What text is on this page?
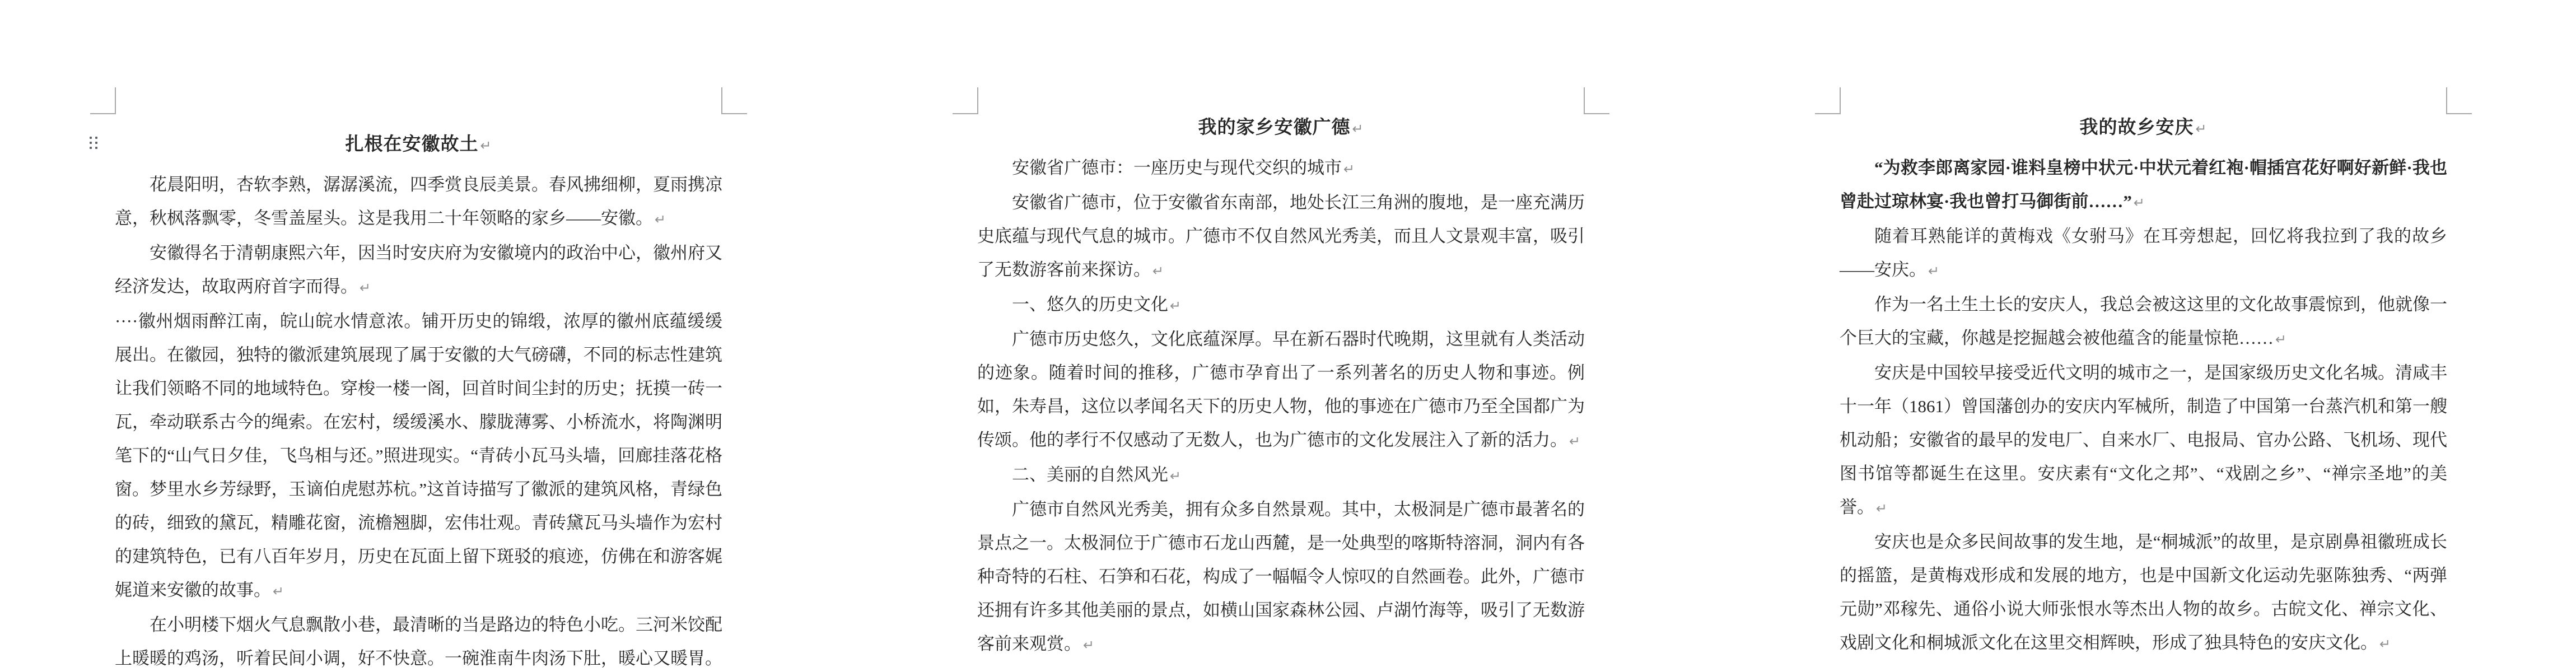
扎根在安徽故土 ↵

花晨阳明，杏软李熟，潺潺溪流，四季赏良辰美景。春风拂细柳，夏雨携凉意，秋枫落飘零，冬雪盖屋头。这是我用二十年领略的家乡——安徽。 ↵

安徽得名于清朝康熙六年，因当时安庆府为安徽境内的政治中心，徽州府又经济发达，故取两府首字而得。 ↵

····徽州烟雨醉江南，皖山皖水情意浓。铺开历史的锦缎，浓厚的徽州底蕴缓缓展出。在徽园，独特的徽派建筑展现了属于安徽的大气磅礴，不同的标志性建筑让我们领略不同的地域特色。穿梭一楼一阁，回首时间尘封的历史；抚摸一砖一瓦，牵动联系古今的绳索。在宏村，缓缓溪水、朦胧薄雾、小桥流水，将陶渊明笔下的“山气日夕佳，飞鸟相与还。”照进现实。“青砖小瓦马头墙，回廊挂落花格窗。梦里水乡芳绿野，玉谪伯虎慰苏杭。”这首诗描写了徽派的建筑风格，青绿色的砖，细致的黛瓦，精雕花窗，流檐翘脚，宏伟壮观。青砖黛瓦马头墙作为宏村的建筑特色，已有八百年岁月，历史在瓦面上留下斑驳的痕迹，仿佛在和游客娓娓道来安徽的故事。 ↵

在小明楼下烟火气息飘散小巷，最清晰的当是路边的特色小吃。三河米饺配上暖暖的鸡汤，听着民间小调，好不快意。一碗淮南牛肉汤下肚，暖心又暖胃。

我的家乡安徽广德 ↵

安徽省广德市：一座历史与现代交织的城市 ↵

安徽省广德市，位于安徽省东南部，地处长江三角洲的腹地，是一座充满历史底蕴与现代气息的城市。广德市不仅自然风光秀美，而且人文景观丰富，吸引了无数游客前来探访。 ↵

一、悠久的历史文化 ↵

广德市历史悠久，文化底蕴深厚。早在新石器时代晚期，这里就有人类活动的迹象。随着时间的推移，广德市孕育出了一系列著名的历史人物和事迹。例如，朱寿昌，这位以孝闻名天下的历史人物，他的事迹在广德市乃至全国都广为传颂。他的孝行不仅感动了无数人，也为广德市的文化发展注入了新的活力。 ↵

二、美丽的自然风光 ↵

广德市自然风光秀美，拥有众多自然景观。其中，太极洞是广德市最著名的景点之一。太极洞位于广德市石龙山西麓，是一处典型的喀斯特溶洞，洞内有各种奇特的石柱、石笋和石花，构成了一幅幅令人惊叹的自然画卷。此外，广德市还拥有许多其他美丽的景点，如横山国家森林公园、卢湖竹海等，吸引了无数游客前来观赏。 ↵

我的故乡安庆 ↵

“为救李郎离家园·谁料皇榜中状元·中状元着红袍·帽插宫花好啊好新鲜·我也曾赴过琼林宴·我也曾打马御街前……” ↵

随着耳熟能详的黄梅戏《女驸马》在耳旁想起，回忆将我拉到了我的故乡——安庆。 ↵

作为一名土生土长的安庆人，我总会被这这里的文化故事震惊到，他就像一个巨大的宝藏，你越是挖掘越会被他蕴含的能量惊艳…… ↵

安庆是中国较早接受近代文明的城市之一，是国家级历史文化名城。清咸丰十一年（1861）曾国藩创办的安庆内军械所，制造了中国第一台蒸汽机和第一艘机动船；安徽省的最早的发电厂、自来水厂、电报局、官办公路、飞机场、现代图书馆等都诞生在这里。安庆素有“文化之邦”、“戏剧之乡”、“禅宗圣地”的美誉。 ↵

安庆也是众多民间故事的发生地，是“桐城派”的故里，是京剧鼻祖徽班成长的摇篮，是黄梅戏形成和发展的地方，也是中国新文化运动先驱陈独秀、“两弹元勋”邓稼先、通俗小说大师张恨水等杰出人物的故乡。古皖文化、禅宗文化、戏剧文化和桐城派文化在这里交相辉映，形成了独具特色的安庆文化。 ↵
